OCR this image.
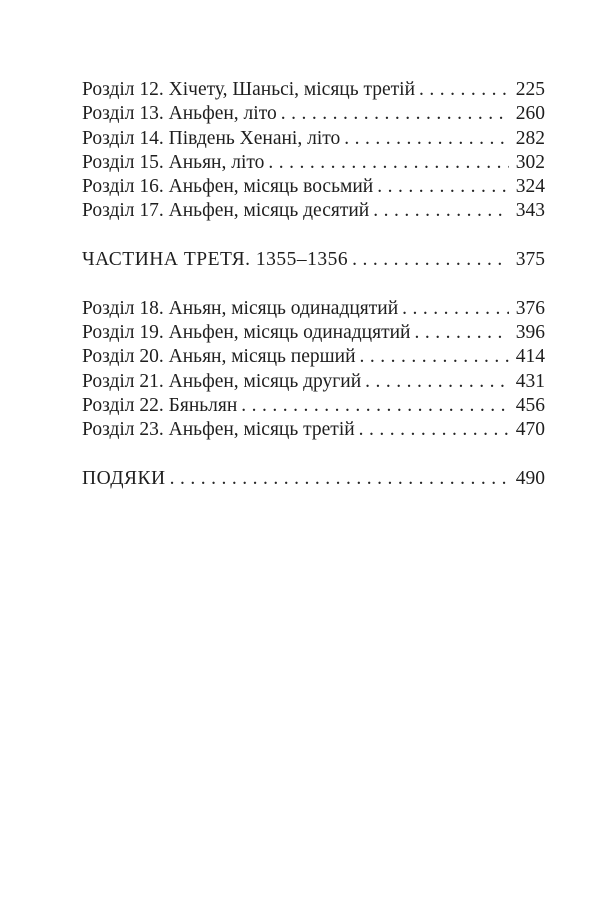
Розділ 12. Хічету, Шаньсі, місяць третій .....	225
Розділ 13. Аньфен, літо .....	260
Розділ 14. Південь Хенані, літо .....	282
Розділ 15. Аньян, літо .....	302
Розділ 16. Аньфен, місяць восьмий .....	324
Розділ 17. Аньфен, місяць десятий .....	343
ЧАСТИНА ТРЕТЯ. 1355–1356 .....	375
Розділ 18. Аньян, місяць одинадцятий .....	376
Розділ 19. Аньфен, місяць одинадцятий .....	396
Розділ 20. Аньян, місяць перший .....	414
Розділ 21. Аньфен, місяць другий .....	431
Розділ 22. Бяньлян .....	456
Розділ 23. Аньфен, місяць третій .....	470
ПОДЯКИ .....	490
